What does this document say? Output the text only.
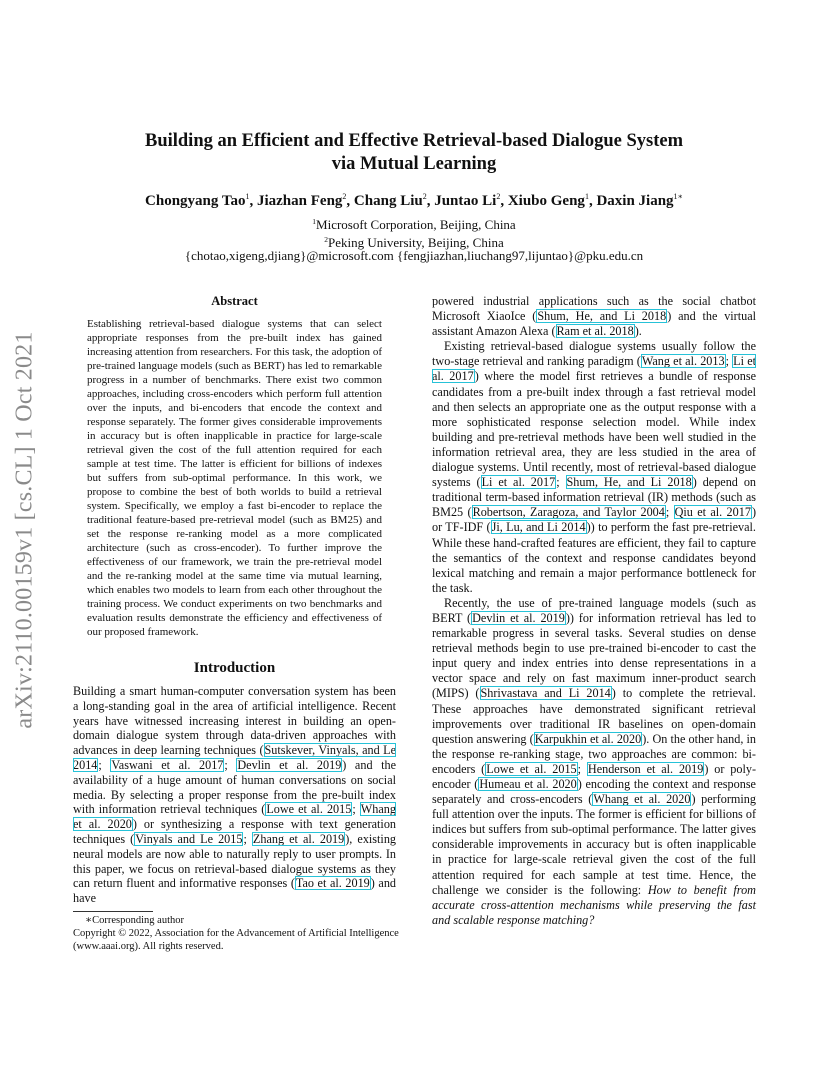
Building an Efficient and Effective Retrieval-based Dialogue System
via Mutual Learning
Chongyang Tao$^1$, Jiazhan Feng$^2$, Chang Liu$^2$, Juntao Li$^2$, Xiubo Geng$^1$, Daxin Jiang$^{1∗}$
$^1$Microsoft Corporation, Beijing, China
$^2$Peking University, Beijing, China
{chotao,xigeng,djiang}@microsoft.com {fengjiazhan,liuchang97,lijuntao}@pku.edu.cn
arXiv:2110.00159v1 [cs.CL] 1 Oct 2021
Abstract
Establishing retrieval-based dialogue systems that can select appropriate responses from the pre-built index has gained increasing attention from researchers. For this task, the adoption of pre-trained language models (such as BERT) has led to remarkable progress in a number of benchmarks. There exist two common approaches, including cross-encoders which perform full attention over the inputs, and bi-encoders that encode the context and response separately. The former gives considerable improvements in accuracy but is often inapplicable in practice for large-scale retrieval given the cost of the full attention required for each sample at test time. The latter is efficient for billions of indexes but suffers from sub-optimal performance. In this work, we propose to combine the best of both worlds to build a retrieval system. Specifically, we employ a fast bi-encoder to replace the traditional feature-based pre-retrieval model (such as BM25) and set the response re-ranking model as a more complicated architecture (such as cross-encoder). To further improve the effectiveness of our framework, we train the pre-retrieval model and the re-ranking model at the same time via mutual learning, which enables two models to learn from each other throughout the training process. We conduct experiments on two benchmarks and evaluation results demonstrate the efficiency and effectiveness of our proposed framework.
Introduction

Building a smart human-computer conversation system has been a long-standing goal in the area of artificial intelligence. Recent years have witnessed increasing interest in building an open-domain dialogue system through data-driven approaches with advances in deep learning techniques (Sutskever, Vinyals, and Le 2014; Vaswani et al. 2017; Devlin et al. 2019) and the availability of a huge amount of human conversations on social media. By selecting a proper response from the pre-built index with information retrieval techniques (Lowe et al. 2015; Whang et al. 2020) or synthesizing a response with text generation techniques (Vinyals and Le 2015; Zhang et al. 2019), existing neural models are now able to naturally reply to user prompts. In this paper, we focus on retrieval-based dialogue systems as they can return fluent and informative responses (Tao et al. 2019) and have

powered industrial applications such as the social chatbot Microsoft XiaoIce (Shum, He, and Li 2018) and the virtual assistant Amazon Alexa (Ram et al. 2018).

Existing retrieval-based dialogue systems usually follow the two-stage retrieval and ranking paradigm (Wang et al. 2013; Li et al. 2017) where the model first retrieves a bundle of response candidates from a pre-built index through a fast retrieval model and then selects an appropriate one as the output response with a more sophisticated response selection model. While index building and pre-retrieval methods have been well studied in the information retrieval area, they are less studied in the area of dialogue systems. Until recently, most of retrieval-based dialogue systems (Li et al. 2017; Shum, He, and Li 2018) depend on traditional term-based information retrieval (IR) methods (such as BM25 (Robertson, Zaragoza, and Taylor 2004; Qiu et al. 2017) or TF-IDF (Ji, Lu, and Li 2014)) to perform the fast pre-retrieval. While these hand-crafted features are efficient, they fail to capture the semantics of the context and response candidates beyond lexical matching and remain a major performance bottleneck for the task.

Recently, the use of pre-trained language models (such as BERT (Devlin et al. 2019)) for information retrieval has led to remarkable progress in several tasks. Several studies on dense retrieval methods begin to use pre-trained bi-encoder to cast the input query and index entries into dense representations in a vector space and rely on fast maximum inner-product search (MIPS) (Shrivastava and Li 2014) to complete the retrieval. These approaches have demonstrated significant retrieval improvements over traditional IR baselines on open-domain question answering (Karpukhin et al. 2020). On the other hand, in the response re-ranking stage, two approaches are common: bi-encoders (Lowe et al. 2015; Henderson et al. 2019) or poly-encoder (Humeau et al. 2020) encoding the context and response separately and cross-encoders (Whang et al. 2020) performing full attention over the inputs. The former is efficient for billions of indices but suffers from sub-optimal performance. The latter gives considerable improvements in accuracy but is often inapplicable in practice for large-scale retrieval given the cost of the full attention required for each sample at test time. Hence, the challenge we consider is the following: How to benefit from accurate cross-attention mechanisms while preserving the fast and scalable response matching?

∗Corresponding author
Copyright © 2022, Association for the Advancement of Artificial Intelligence (www.aaai.org). All rights reserved.
